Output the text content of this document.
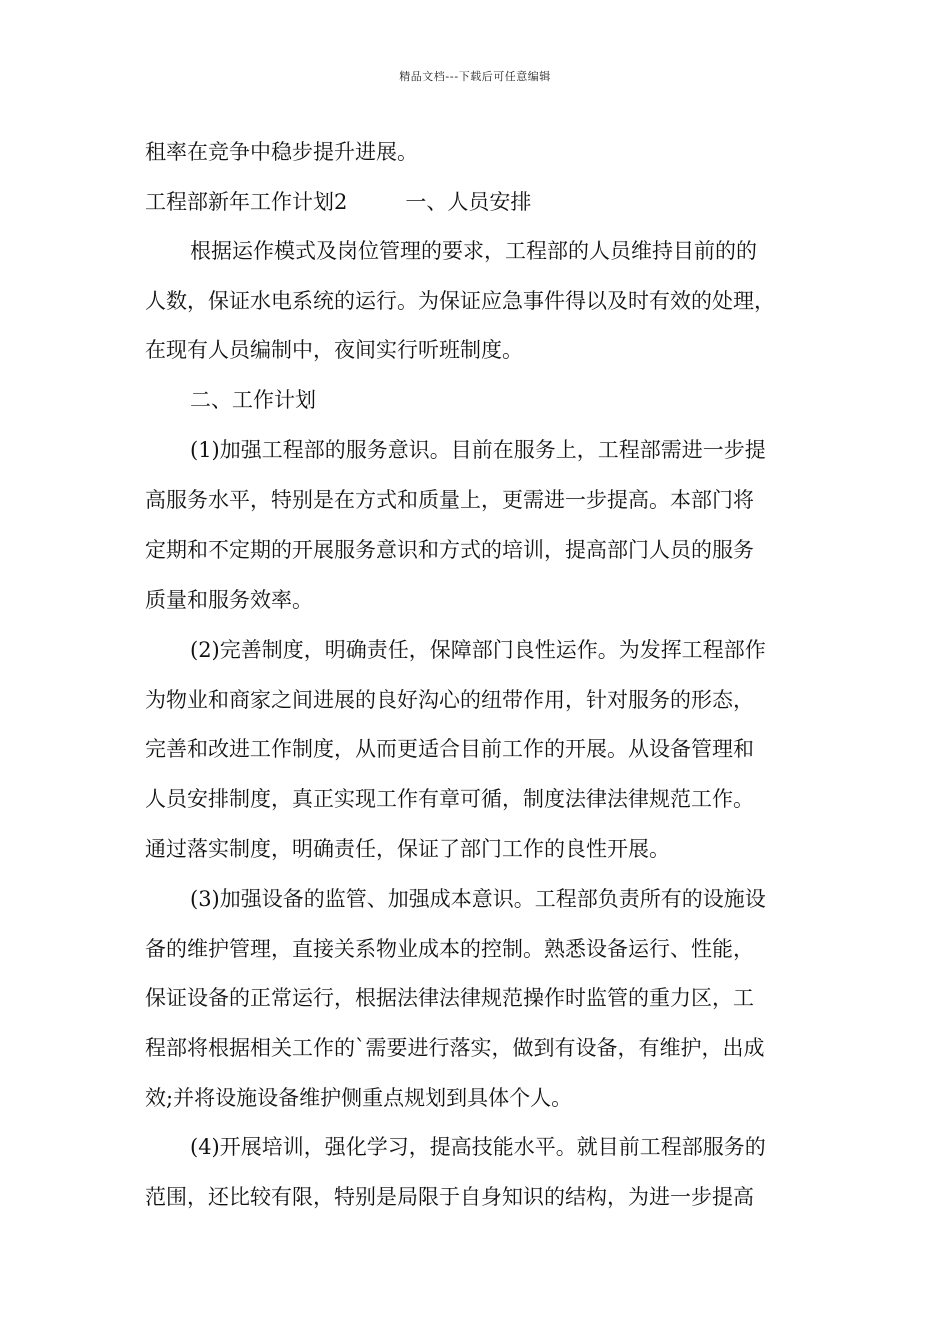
精品文档---下载后可任意编辑
租率在竞争中稳步提升进展。
工程部新年工作计划2	一、人员安排
根据运作模式及岗位管理的要求，工程部的人员维持目前的的
人数，保证水电系统的运行。为保证应急事件得以及时有效的处理，
在现有人员编制中，夜间实行听班制度。
二、工作计划
(1)加强工程部的服务意识。目前在服务上，工程部需进一步提
高服务水平，特别是在方式和质量上，更需进一步提高。本部门将
定期和不定期的开展服务意识和方式的培训，提高部门人员的服务
质量和服务效率。
(2)完善制度，明确责任，保障部门良性运作。为发挥工程部作
为物业和商家之间进展的良好沟心的纽带作用，针对服务的形态，
完善和改进工作制度，从而更适合目前工作的开展。从设备管理和
人员安排制度，真正实现工作有章可循，制度法律法律规范工作。
通过落实制度，明确责任，保证了部门工作的良性开展。
(3)加强设备的监管、加强成本意识。工程部负责所有的设施设
备的维护管理，直接关系物业成本的控制。熟悉设备运行、性能，
保证设备的正常运行，根据法律法律规范操作时监管的重力区，工
程部将根据相关工作的`需要进行落实，做到有设备，有维护，出成
效;并将设施设备维护侧重点规划到具体个人。
(4)开展培训，强化学习，提高技能水平。就目前工程部服务的
范围，还比较有限，特别是局限于自身知识的结构，为进一步提高
